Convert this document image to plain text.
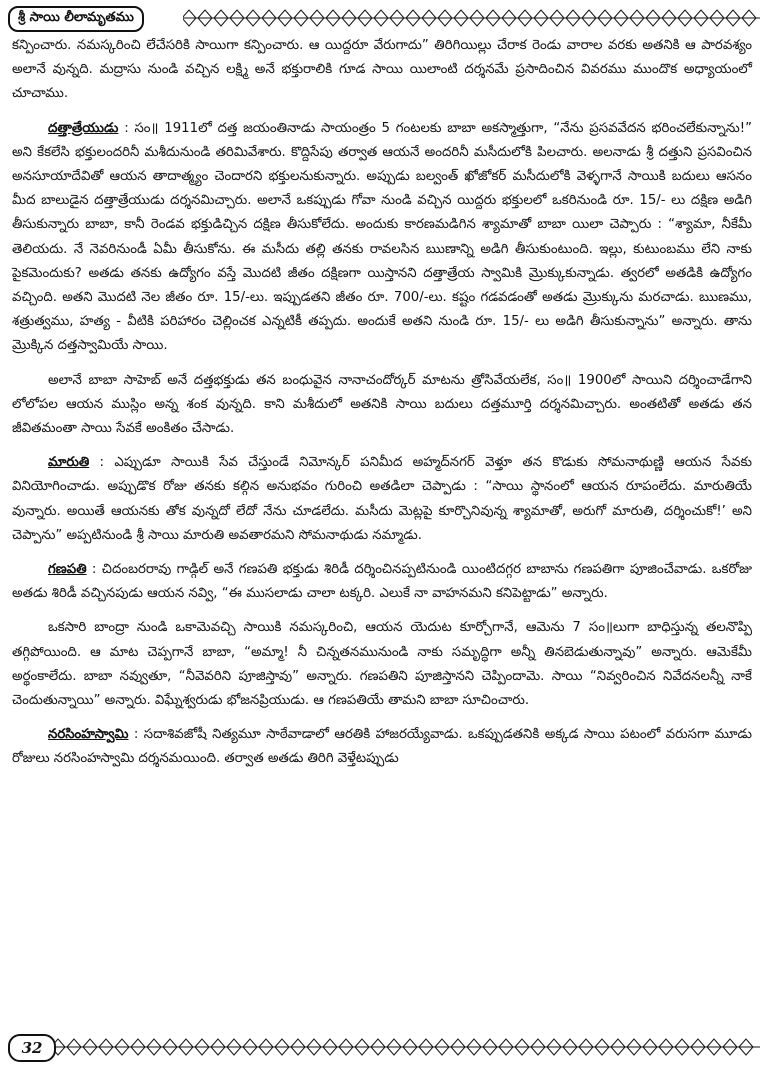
శ్రీ సాయి లీలామృతము

కన్పించారు. నమస్కరించి లేచేసరికి సాయిగా కన్పించారు. ఆ యిద్దరూ వేరుగాదు” తిరిగియిల్లు చేరాక రెండు వారాల వరకు అతనికి ఆ పారవశ్యం అలానే వున్నది. మద్రాసు నుండి వచ్చిన లక్ష్మి అనే భక్తురాలికి గూడ సాయి యిలాంటి దర్శనమే ప్రసాదించిన వివరము ముందొక అధ్యాయంలో చూచాము.

దత్తాత్రేయుడు : సం॥ 1911లో దత్త జయంతినాడు సాయంత్రం 5 గంటలకు బాబా అకస్మాత్తుగా, “నేను ప్రసవవేదన భరించలేకున్నాను!” అని కేకలేసి భక్తులందరినీ మశీదునుండి తరిమివేశారు. కొద్దిసేపు తర్వాత ఆయనే అందరినీ మసీదులోకి పిలచారు. అలనాడు శ్రీ దత్తుని ప్రసవించిన అనసూయాదేవితో ఆయన తాదాత్మ్యం చెందారని భక్తులనుకున్నారు. అప్పుడు బల్వంత్ ఖోజోకర్ మసీదులోకి వెళ్ళగానే సాయికి బదులు ఆసనం మీద బాలుడైన దత్తాత్రేయుడు దర్శనమిచ్చారు. అలానే ఒకప్పుడు గోవా నుండి వచ్చిన యిద్దరు భక్తులలో ఒకరినుండి రూ. 15/- లు దక్షిణ అడిగి తీసుకున్నారు బాబా, కానీ రెండవ భక్తుడిచ్చిన దక్షిణ తీసుకోలేదు. అందుకు కారణమడిగిన శ్యామాతో బాబా యిలా చెప్పారు : “శ్యామా, నీకేమీ తెలియదు. నే నెవరినుండీ ఏమీ తీసుకోను. ఈ మసీదు తల్లి తనకు రావలసిన ఋణాన్ని అడిగి తీసుకుంటుంది. ఇల్లు, కుటుంబము లేని నాకు పైకమెందుకు? అతడు తనకు ఉద్యోగం వస్తే మొదటి జీతం దక్షిణగా యిస్తానని దత్తాత్రేయ స్వామికి మ్రొక్కుకున్నాడు. త్వరలో అతడికి ఉద్యోగం వచ్చింది. అతని మొదటి నెల జీతం రూ. 15/-లు. ఇప్పుడతని జీతం రూ. 700/-లు. కష్టం గడవడంతో అతడు మ్రొక్కును మరచాడు. ఋణము, శత్రుత్వము, హత్య - వీటికి పరిహారం చెల్లించక ఎన్నటికీ తప్పదు. అందుకే అతని నుండి రూ. 15/- లు అడిగి తీసుకున్నాను” అన్నారు. తాను మ్రొక్కిన దత్తస్వామియే సాయి.

అలానే బాబా సాహెబ్ అనే దత్తభక్తుడు తన బంధువైన నానాచందోర్కర్ మాటను త్రోసివేయలేక, సం॥ 1900లో సాయిని దర్శించాడేగాని లోలోపల ఆయన ముస్లిం అన్న శంక వున్నది. కాని మశీదులో అతనికి సాయి బదులు దత్తమూర్తి దర్శనమిచ్చారు. అంతటితో అతడు తన జీవితమంతా సాయి సేవకే అంకితం చేసాడు.

మారుతి : ఎప్పుడూ సాయికి సేవ చేస్తుండే నిమోన్కర్ పనిమీద అహ్మద్‌నగర్ వెళ్తూ తన కొడుకు సోమనాథుణ్ణి ఆయన సేవకు వినియోగించాడు. అప్పుడొక రోజు తనకు కల్గిన అనుభవం గురించి అతడిలా చెప్పాడు : “సాయి స్థానంలో ఆయన రూపంలేదు. మారుతియే వున్నారు. అయితే ఆయనకు తోక వున్నదో లేదో నేను చూడలేదు. మసీదు మెట్లపై కూర్చొనివున్న శ్యామాతో, అరుగో మారుతి, దర్శించుకో!’ అని చెప్పాను” అప్పటినుండి శ్రీ సాయి మారుతి అవతారమని సోమనాథుడు నమ్మాడు.

గణపతి : చిదంబరరావు గాడ్గిల్ అనే గణపతి భక్తుడు శిరిడీ దర్శించినప్పటినుండి యింటిదగ్గర బాబాను గణపతిగా పూజించేవాడు. ఒకరోజు అతడు శిరిడీ వచ్చినపుడు ఆయన నవ్వి, “ఈ ముసలాడు చాలా టక్కరి. ఎలుకే నా వాహనమని కనిపెట్టాడు” అన్నారు.

ఒకసారి బాంద్రా నుండి ఒకామెవచ్చి సాయికి నమస్కరించి, ఆయన యెదుట కూర్చోగానే, ఆమెను 7 సం॥లుగా బాధిస్తున్న తలనొప్పి తగ్గిపోయింది. ఆ మాట చెప్పగానే బాబా, “అమ్మా! నీ చిన్నతనమునుండి నాకు సమృద్ధిగా అన్నీ తినబెడుతున్నావు” అన్నారు. ఆమెకేమీ అర్థంకాలేదు. బాబా నవ్వుతూ, “నీవెవరిని పూజిస్తావు” అన్నారు. గణపతిని పూజిస్తానని చెప్పిందామె. సాయి “నివ్వరించిన నివేదనలన్నీ నాకే చెందుతున్నాయి” అన్నారు. విఘ్నేశ్వరుడు భోజనప్రియుడు. ఆ గణపతియే తామని బాబా సూచించారు.

నరసింహస్వామి : సదాశివజోషీ నిత్యమూ సాఠేవాడాలో ఆరతికి హాజరయ్యేవాడు. ఒకప్పుడతనికి అక్కడ సాయి పటంలో వరుసగా మూడు రోజులు నరసింహస్వామి దర్శనమయింది. తర్వాత అతడు తిరిగి వెళ్తేటప్పుడు

32
